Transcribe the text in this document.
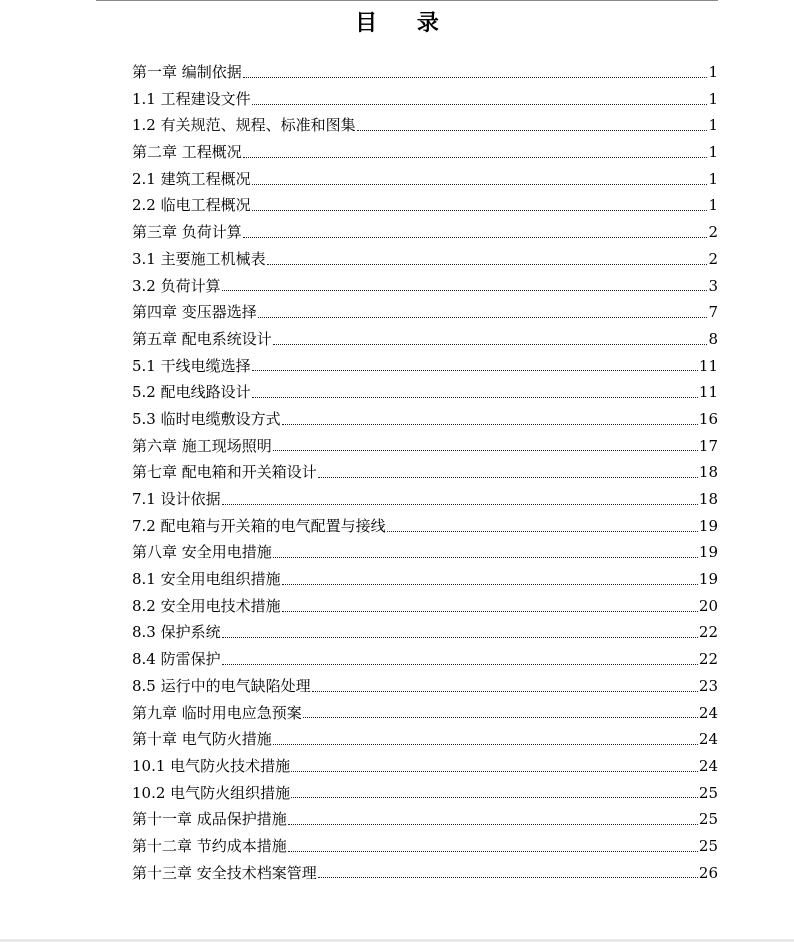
目 录
第一章 编制依据	1
1.1 工程建设文件	1
1.2 有关规范、规程、标准和图集	1
第二章 工程概况	1
2.1 建筑工程概况	1
2.2 临电工程概况	1
第三章 负荷计算	2
3.1 主要施工机械表	2
3.2 负荷计算	3
第四章 变压器选择	7
第五章 配电系统设计	8
5.1 干线电缆选择	11
5.2 配电线路设计	11
5.3 临时电缆敷设方式	16
第六章 施工现场照明	17
第七章 配电箱和开关箱设计	18
7.1 设计依据	18
7.2 配电箱与开关箱的电气配置与接线	19
第八章 安全用电措施	19
8.1 安全用电组织措施	19
8.2 安全用电技术措施	20
8.3 保护系统	22
8.4 防雷保护	22
8.5 运行中的电气缺陷处理	23
第九章 临时用电应急预案	24
第十章 电气防火措施	24
10.1 电气防火技术措施	24
10.2 电气防火组织措施	25
第十一章 成品保护措施	25
第十二章 节约成本措施	25
第十三章 安全技术档案管理	26
